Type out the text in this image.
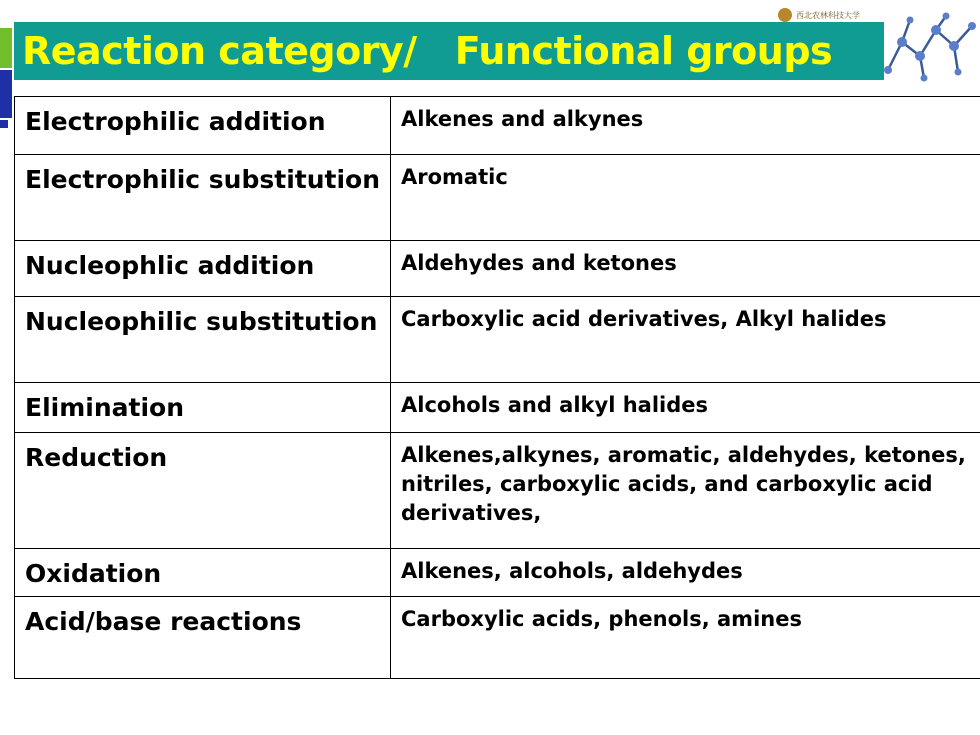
西北农林科技大学
Reaction category/   Functional groups
Electrophilic addition	Alkenes and alkynes
Electrophilic substitution	Aromatic
Nucleophlic addition	Aldehydes and ketones
Nucleophilic substitution	Carboxylic acid derivatives, Alkyl halides
Elimination	Alcohols and alkyl halides
Reduction	Alkenes,alkynes, aromatic, aldehydes, ketones, nitriles, carboxylic acids, and carboxylic acid derivatives,
Oxidation	Alkenes, alcohols, aldehydes
Acid/base reactions	Carboxylic acids, phenols, amines
